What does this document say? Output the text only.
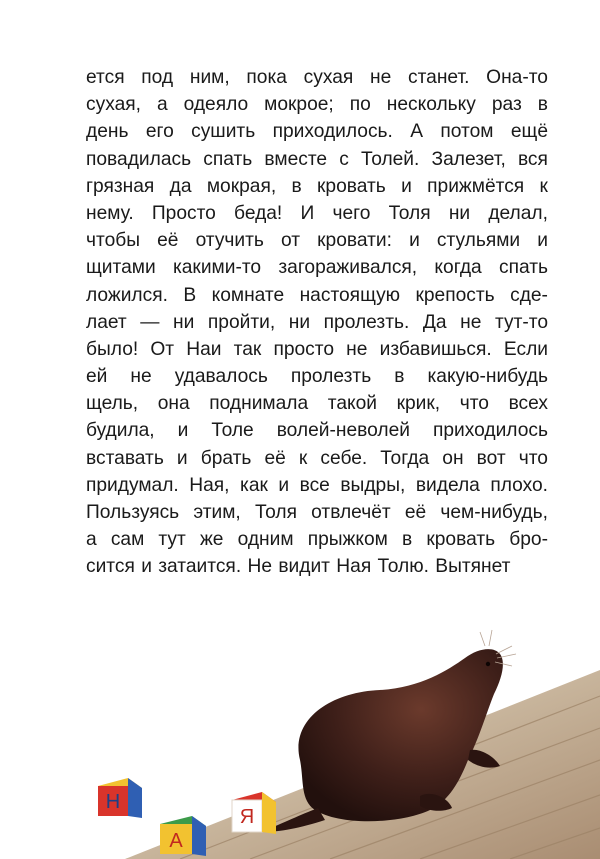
ется под ним, пока сухая не станет. Она-то
сухая, а одеяло мокрое; по нескольку раз в
день его сушить приходилось. А потом ещё
повадилась спать вместе с Толей. Залезет, вся
грязная да мокрая, в кровать и прижмётся к
нему. Просто беда! И чего Толя ни делал,
чтобы её отучить от кровати: и стульями и
щитами какими-то загораживался, когда спать
ложился. В комнате настоящую крепость сде-
лает — ни пройти, ни пролезть. Да не тут-то
было! От Наи так просто не избавишься. Если
ей не удавалось пролезть в какую-нибудь
щель, она поднимала такой крик, что всех
будила, и Толе волей-неволей приходилось
вставать и брать её к себе. Тогда он вот что
придумал. Ная, как и все выдры, видела плохо.
Пользуясь этим, Толя отвлечёт её чем-нибудь,
а сам тут же одним прыжком в кровать бро-
сится и затаится. Не видит Ная Толю. Вытянет
Н
А
Я
